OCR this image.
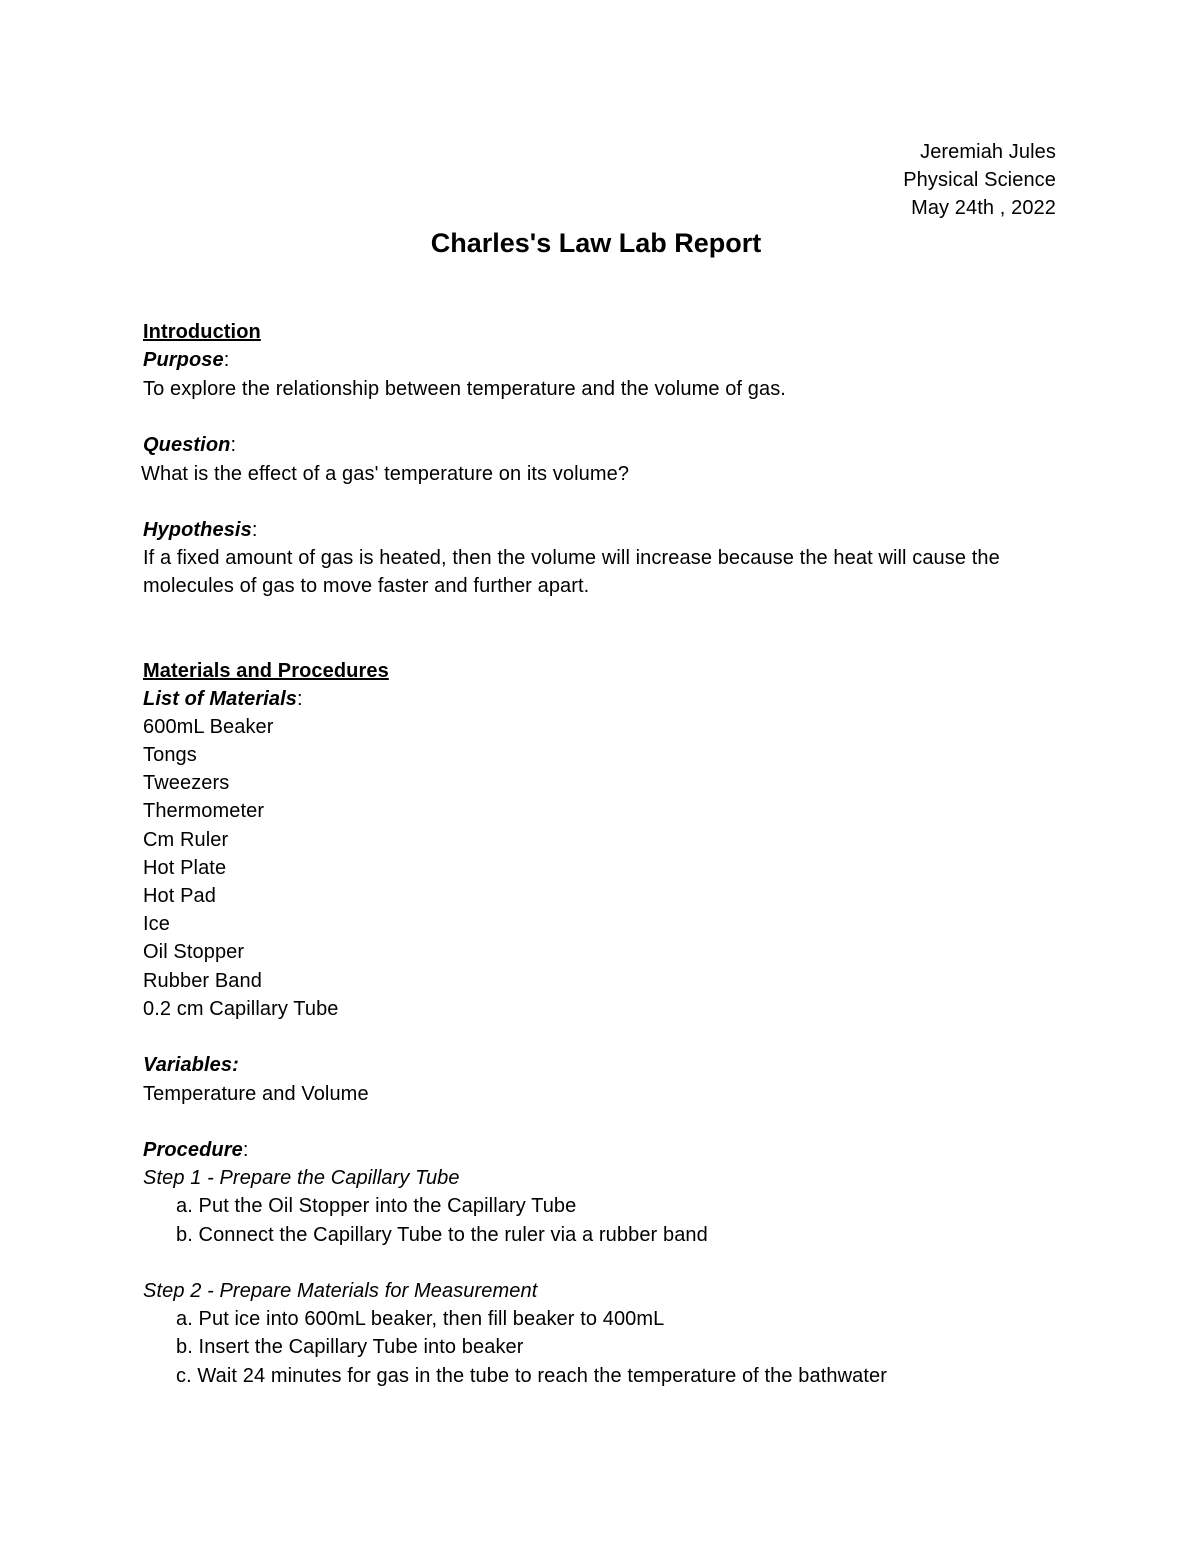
Jeremiah Jules
Physical Science
May 24th , 2022
Charles's Law Lab Report
Introduction
Purpose:
To explore the relationship between temperature and the volume of gas.
Question:
What is the effect of a gas' temperature on its volume?
Hypothesis:
If a fixed amount of gas is heated, then the volume will increase because the heat will cause the
molecules of gas to move faster and further apart.
Materials and Procedures
List of Materials:
600mL Beaker
Tongs
Tweezers
Thermometer
Cm Ruler
Hot Plate
Hot Pad
Ice
Oil Stopper
Rubber Band
0.2 cm Capillary Tube
Variables:
Temperature and Volume
Procedure:
Step 1 - Prepare the Capillary Tube
a. Put the Oil Stopper into the Capillary Tube
b. Connect the Capillary Tube to the ruler via a rubber band
Step 2 - Prepare Materials for Measurement
a. Put ice into 600mL beaker, then fill beaker to 400mL
b. Insert the Capillary Tube into beaker
c. Wait 24 minutes for gas in the tube to reach the temperature of the bathwater
